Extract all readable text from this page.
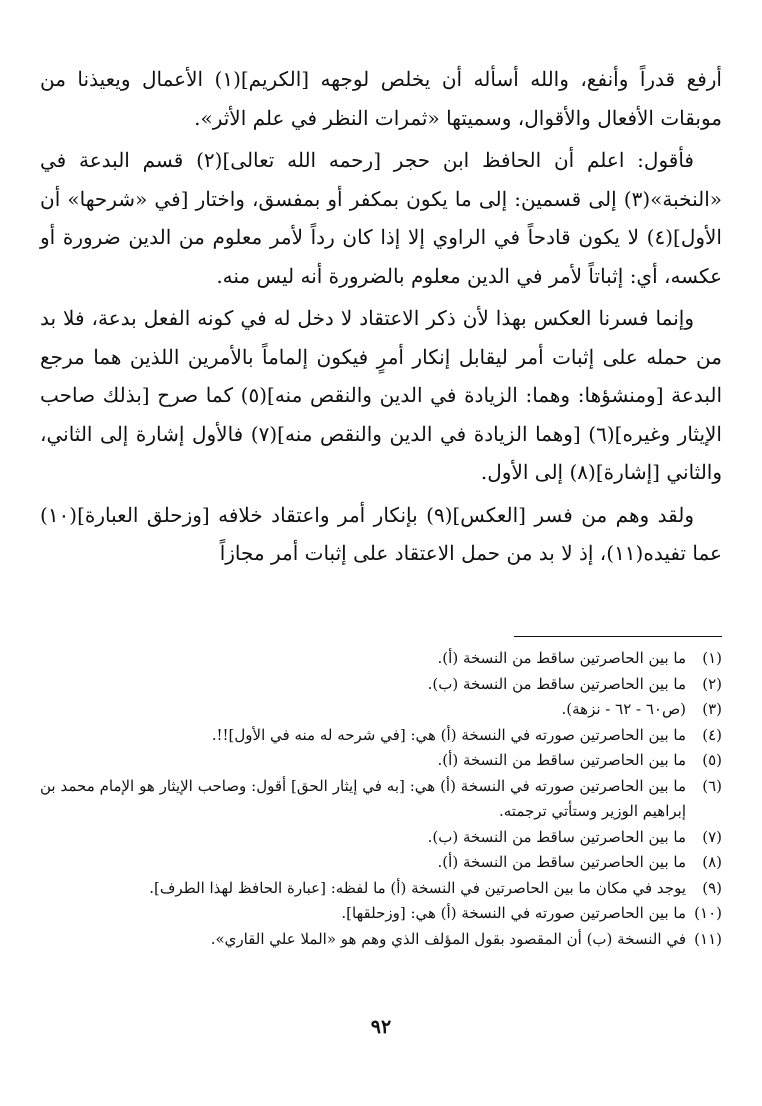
أرفع قدراً وأنفع، والله أسأله أن يخلص لوجهه [الكريم](١) الأعمال ويعيذنا من موبقات الأفعال والأقوال، وسميتها «ثمرات النظر في علم الأثر».

فأقول: اعلم أن الحافظ ابن حجر [رحمه الله تعالى](٢) قسم البدعة في «النخبة»(٣) إلى قسمين: إلى ما يكون بمكفر أو بمفسق، واختار [في «شرحها» أن الأول](٤) لا يكون قادحاً في الراوي إلا إذا كان رداً لأمر معلوم من الدين ضرورة أو عكسه، أي: إثباتاً لأمر في الدين معلوم بالضرورة أنه ليس منه.

وإنما فسرنا العكس بهذا لأن ذكر الاعتقاد لا دخل له في كونه الفعل بدعة، فلا بد من حمله على إثبات أمر ليقابل إنكار أمرٍ فيكون إلماماً بالأمرين اللذين هما مرجع البدعة [ومنشؤها: وهما: الزيادة في الدين والنقص منه](٥) كما صرح [بذلك صاحب الإيثار وغيره](٦) [وهما الزيادة في الدين والنقص منه](٧) فالأول إشارة إلى الثاني، والثاني [إشارة](٨) إلى الأول.

ولقد وهم من فسر [العكس](٩) بإنكار أمر واعتقاد خلافه [وزحلق العبارة](١٠) عما تفيده(١١)، إذ لا بد من حمل الاعتقاد على إثبات أمر مجازاً

(١)
ما بين الحاصرتين ساقط من النسخة (أ).
(٢)
ما بين الحاصرتين ساقط من النسخة (ب).
(٣)
(ص٦٠ - ٦٢ - نزهة).
(٤)
ما بين الحاصرتين صورته في النسخة (أ) هي: [في شرحه له منه في الأول]!!.
(٥)
ما بين الحاصرتين ساقط من النسخة (أ).
(٦)
ما بين الحاصرتين صورته في النسخة (أ) هي: [به في إيثار الحق] أقول: وصاحب الإيثار هو الإمام محمد بن إبراهيم الوزير وستأتي ترجمته.
(٧)
ما بين الحاصرتين ساقط من النسخة (ب).
(٨)
ما بين الحاصرتين ساقط من النسخة (أ).
(٩)
يوجد في مكان ما بين الحاصرتين في النسخة (أ) ما لفظه: [عبارة الحافظ لهذا الطرف].
(١٠)
ما بين الحاصرتين صورته في النسخة (أ) هي: [وزحلقها].
(١١)
في النسخة (ب) أن المقصود بقول المؤلف الذي وهم هو «الملا علي القاري».
٩٢
